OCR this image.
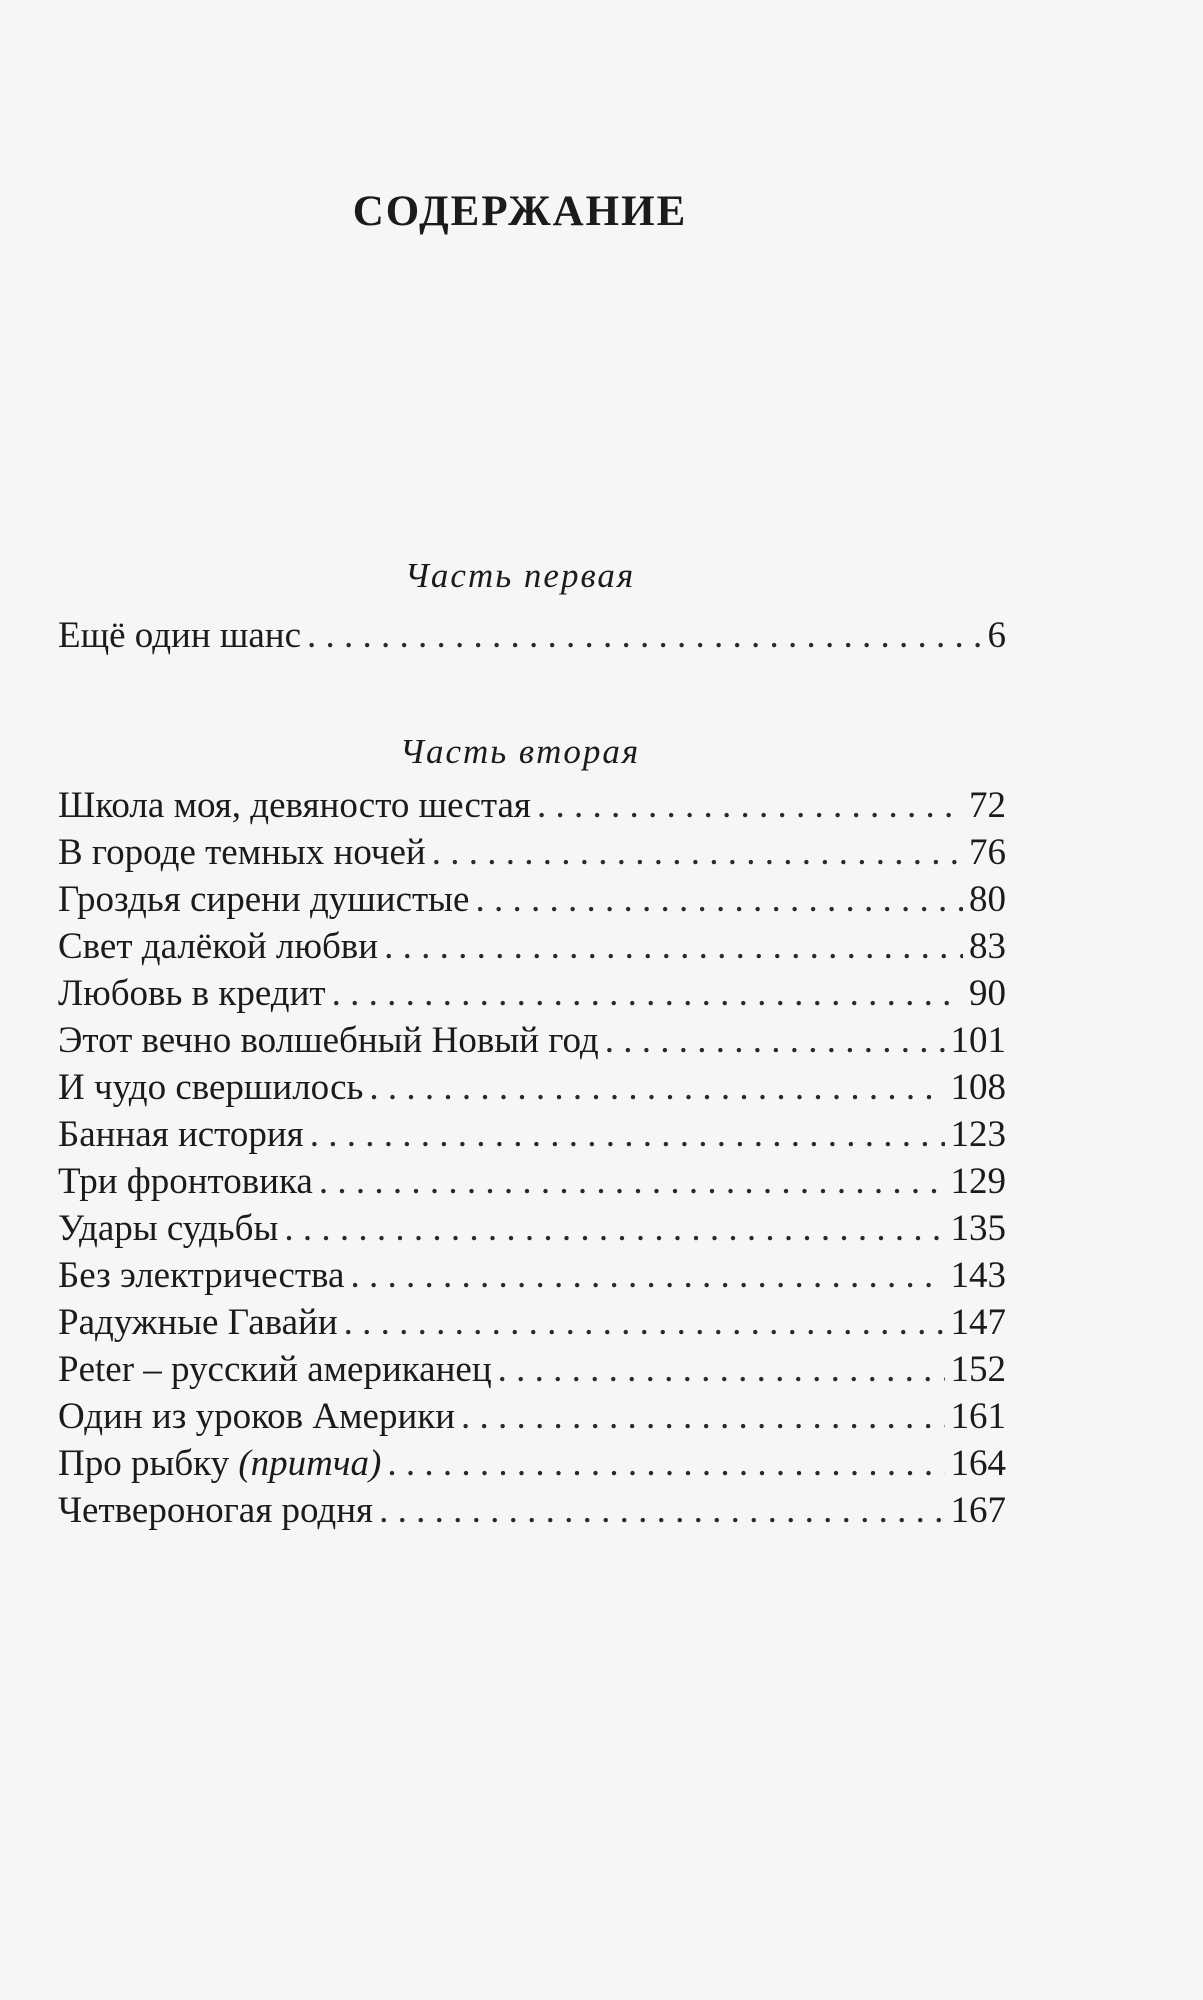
СОДЕРЖАНИЕ
Часть первая
Ещё один шанс . . .	6
Часть вторая
Школа моя, девяносто шестая . . .	72
В городе темных ночей . . .	76
Гроздья сирени душистые . . .	80
Свет далёкой любви . . .	83
Любовь в кредит . . .	90
Этот вечно волшебный Новый год . . .	101
И чудо свершилось . . .	108
Банная история . . .	123
Три фронтовика . . .	129
Удары судьбы . . .	135
Без электричества . . .	143
Радужные Гавайи . . .	147
Peter – русский американец . . .	152
Один из уроков Америки . . .	161
Про рыбку (притча) . . .	164
Четвероногая родня . . .	167
